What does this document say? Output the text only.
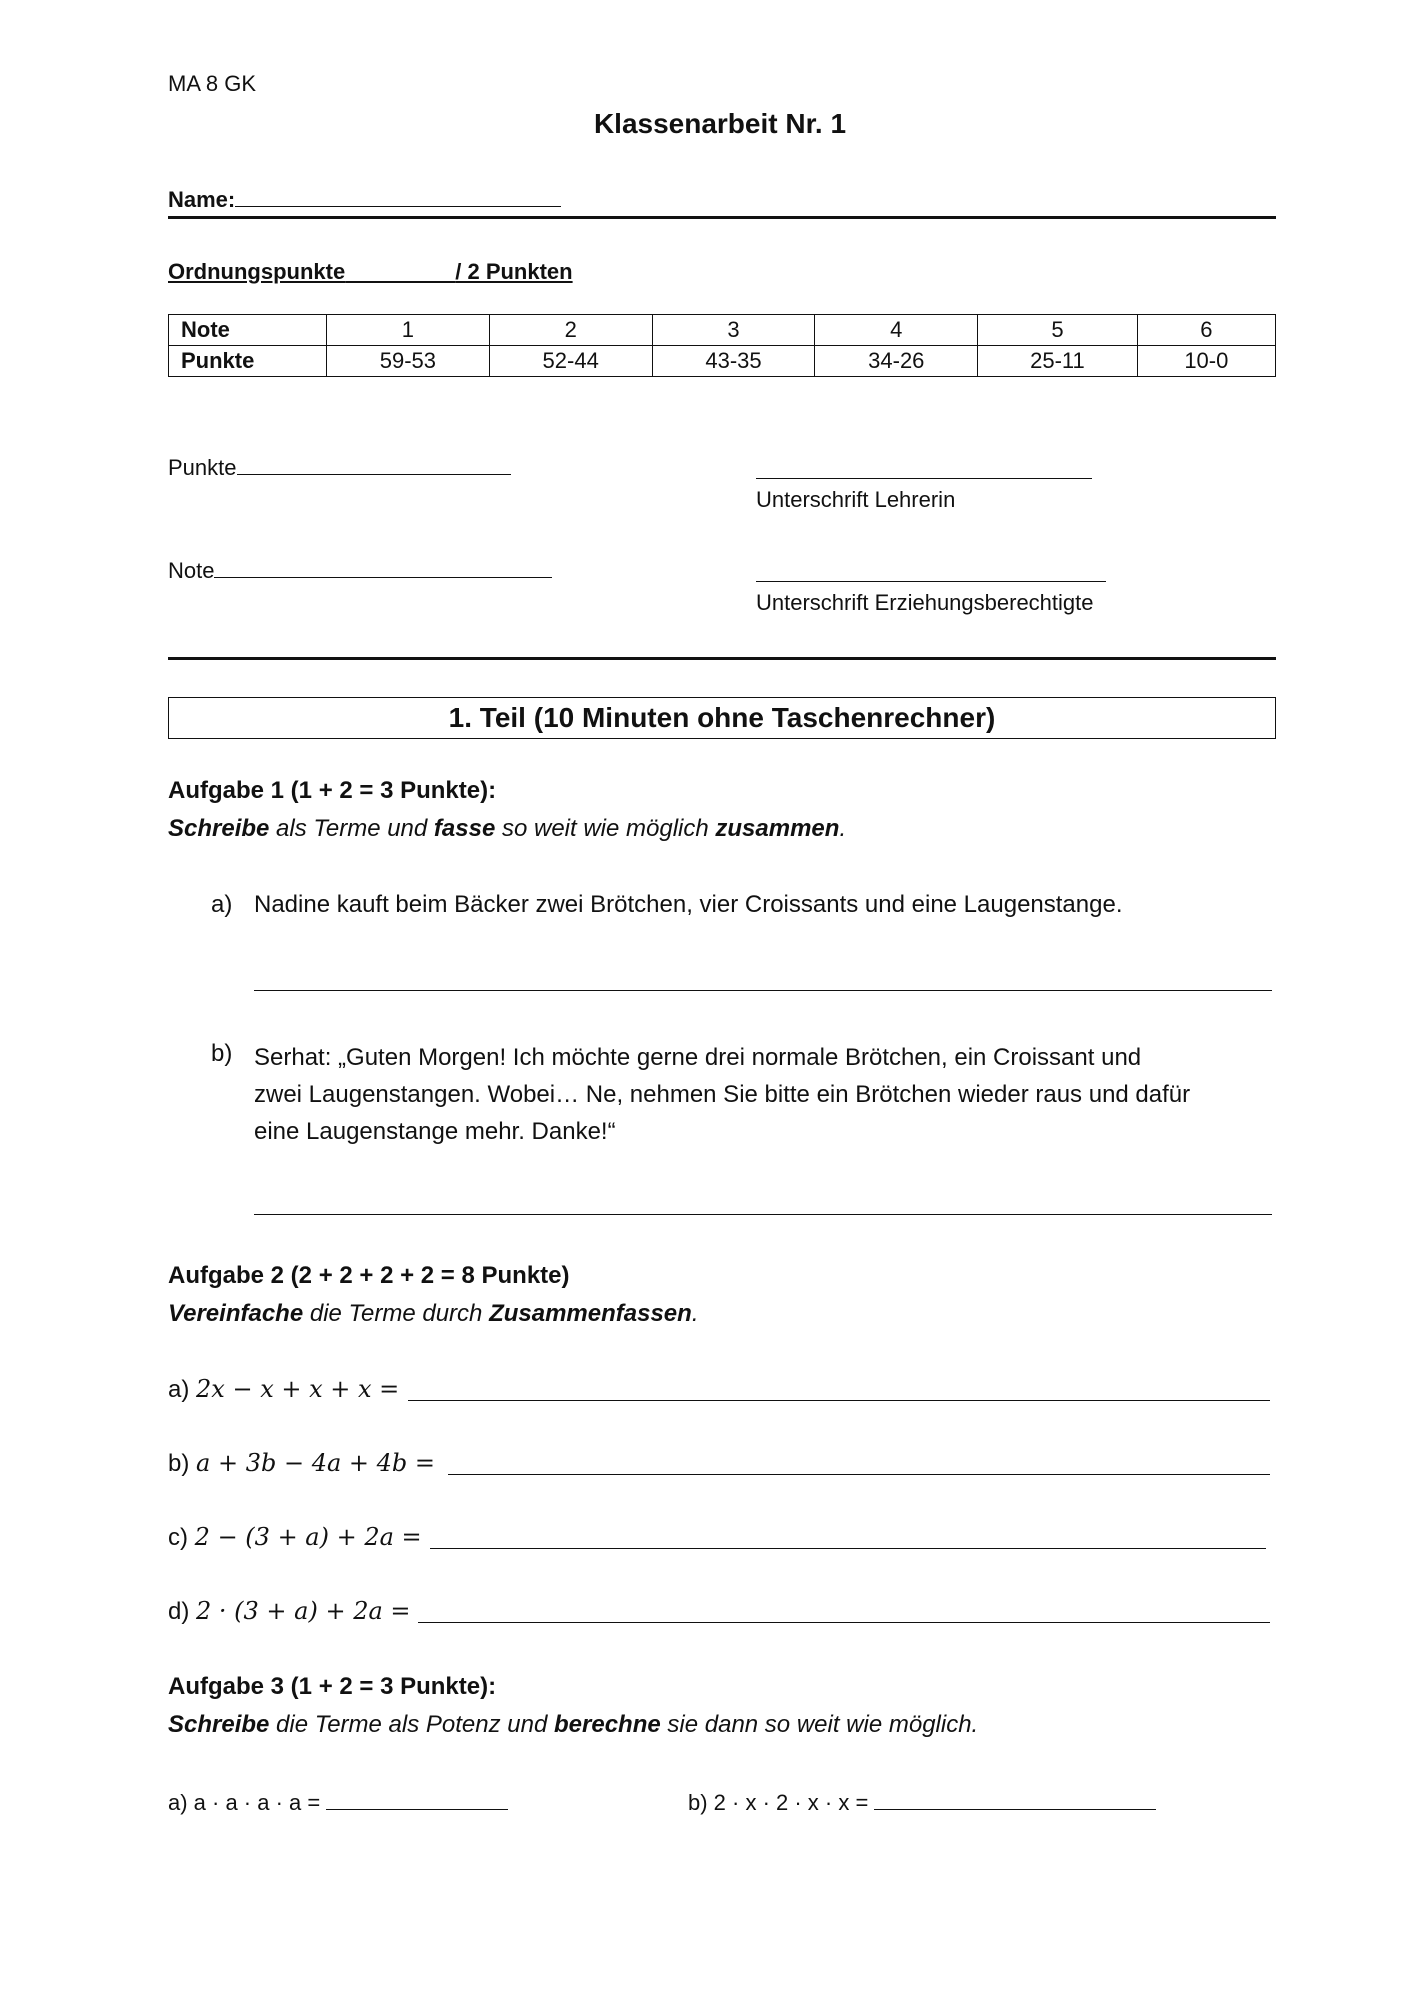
MA 8 GK
Klassenarbeit Nr. 1
Name:
Ordnungspunkte	/ 2 Punkten
Note	1	2	3	4	5	6
Punkte	59-53	52-44	43-35	34-26	25-11	10-0
Punkte
Unterschrift Lehrerin
Note
Unterschrift Erziehungsberechtigte
1. Teil (10 Minuten ohne Taschenrechner)
Aufgabe 1 (1 + 2 = 3 Punkte):
Schreibe als Terme und fasse so weit wie möglich zusammen.
a) Nadine kauft beim Bäcker zwei Brötchen, vier Croissants und eine Laugenstange.
b) Serhat: „Guten Morgen! Ich möchte gerne drei normale Brötchen, ein Croissant und
zwei Laugenstangen. Wobei… Ne, nehmen Sie bitte ein Brötchen wieder raus und dafür
eine Laugenstange mehr. Danke!“
Aufgabe 2 (2 + 2 + 2 + 2 = 8 Punkte)
Vereinfache die Terme durch Zusammenfassen.
a) 2x − x + x + x =
b) a + 3b − 4a + 4b =
c) 2 − (3 + a) + 2a =
d) 2 · (3 + a) + 2a =
Aufgabe 3 (1 + 2 = 3 Punkte):
Schreibe die Terme als Potenz und berechne sie dann so weit wie möglich.
a) a · a · a · a =	b) 2 · x · 2 · x · x =
